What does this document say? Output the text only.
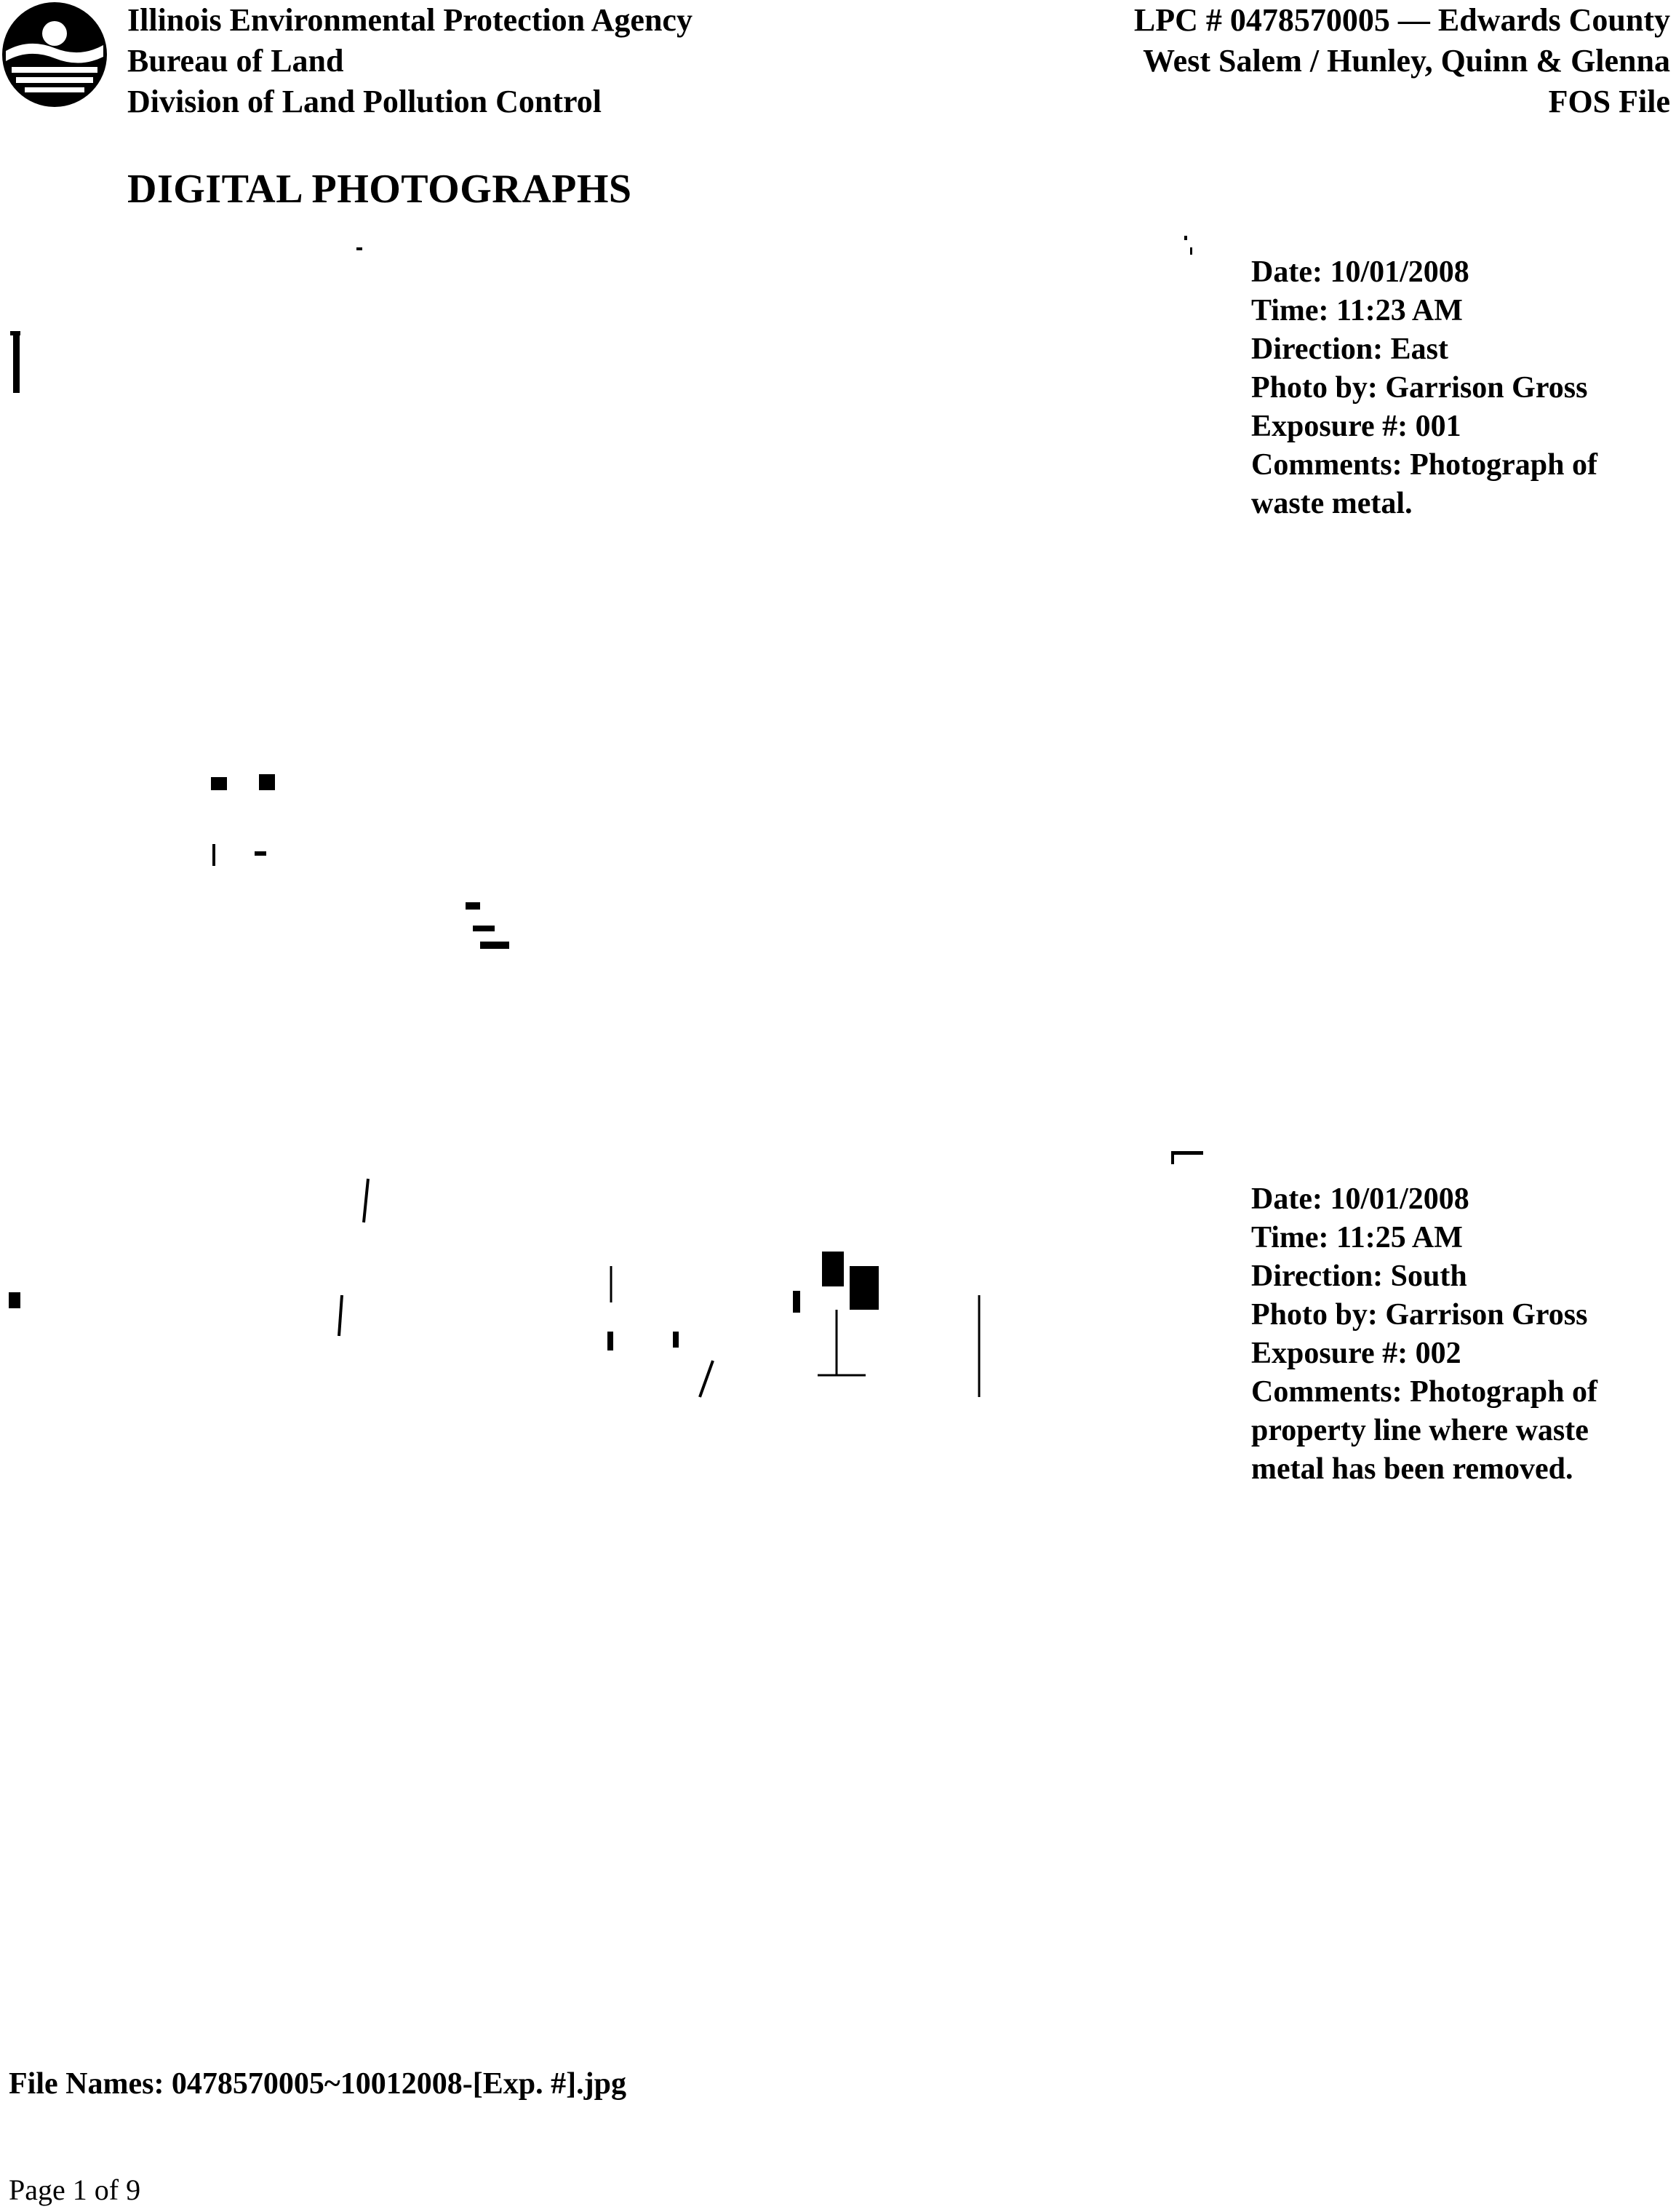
Illinois Environmental Protection Agency
Bureau of Land
Division of Land Pollution Control
LPC # 0478570005 — Edwards County
West Salem / Hunley, Quinn & Glenna
FOS File
DIGITAL PHOTOGRAPHS
Date: 10/01/2008
Time: 11:23 AM
Direction: East
Photo by: Garrison Gross
Exposure #: 001
Comments: Photograph of waste metal.
Date: 10/01/2008
Time: 11:25 AM
Direction: South
Photo by: Garrison Gross
Exposure #: 002
Comments: Photograph of property line where waste metal has been removed.
File Names: 0478570005~10012008-[Exp. #].jpg
Page 1 of 9
